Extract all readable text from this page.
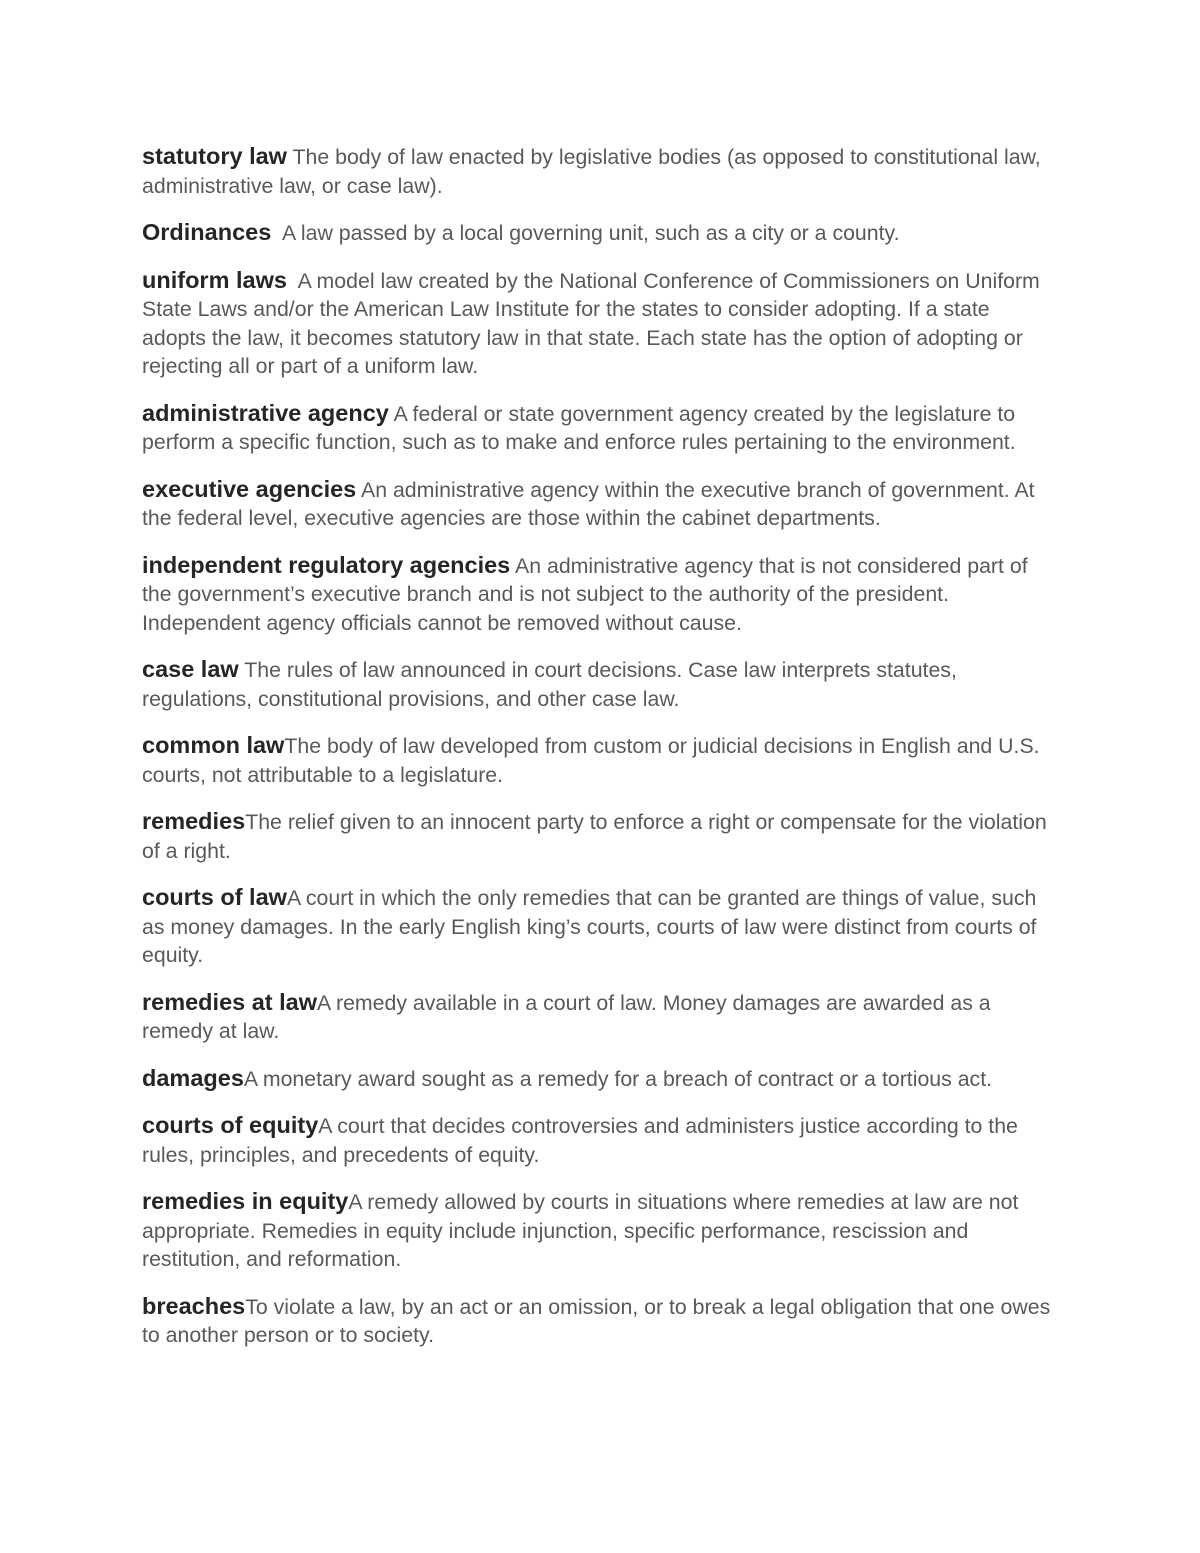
statutory law The body of law enacted by legislative bodies (as opposed to constitutional law, administrative law, or case law).

Ordinances A law passed by a local governing unit, such as a city or a county.

uniform laws A model law created by the National Conference of Commissioners on Uniform State Laws and/or the American Law Institute for the states to consider adopting. If a state adopts the law, it becomes statutory law in that state. Each state has the option of adopting or rejecting all or part of a uniform law.

administrative agency A federal or state government agency created by the legislature to perform a specific function, such as to make and enforce rules pertaining to the environment.

executive agencies An administrative agency within the executive branch of government. At the federal level, executive agencies are those within the cabinet departments.

independent regulatory agencies An administrative agency that is not considered part of the government’s executive branch and is not subject to the authority of the president. Independent agency officials cannot be removed without cause.

case law The rules of law announced in court decisions. Case law interprets statutes, regulations, constitutional provisions, and other case law.

common lawThe body of law developed from custom or judicial decisions in English and U.S. courts, not attributable to a legislature.

remediesThe relief given to an innocent party to enforce a right or compensate for the violation of a right.

courts of lawA court in which the only remedies that can be granted are things of value, such as money damages. In the early English king’s courts, courts of law were distinct from courts of equity.

remedies at lawA remedy available in a court of law. Money damages are awarded as a remedy at law.

damagesA monetary award sought as a remedy for a breach of contract or a tortious act.

courts of equityA court that decides controversies and administers justice according to the rules, principles, and precedents of equity.

remedies in equityA remedy allowed by courts in situations where remedies at law are not appropriate. Remedies in equity include injunction, specific performance, rescission and restitution, and reformation.

breachesTo violate a law, by an act or an omission, or to break a legal obligation that one owes to another person or to society.
